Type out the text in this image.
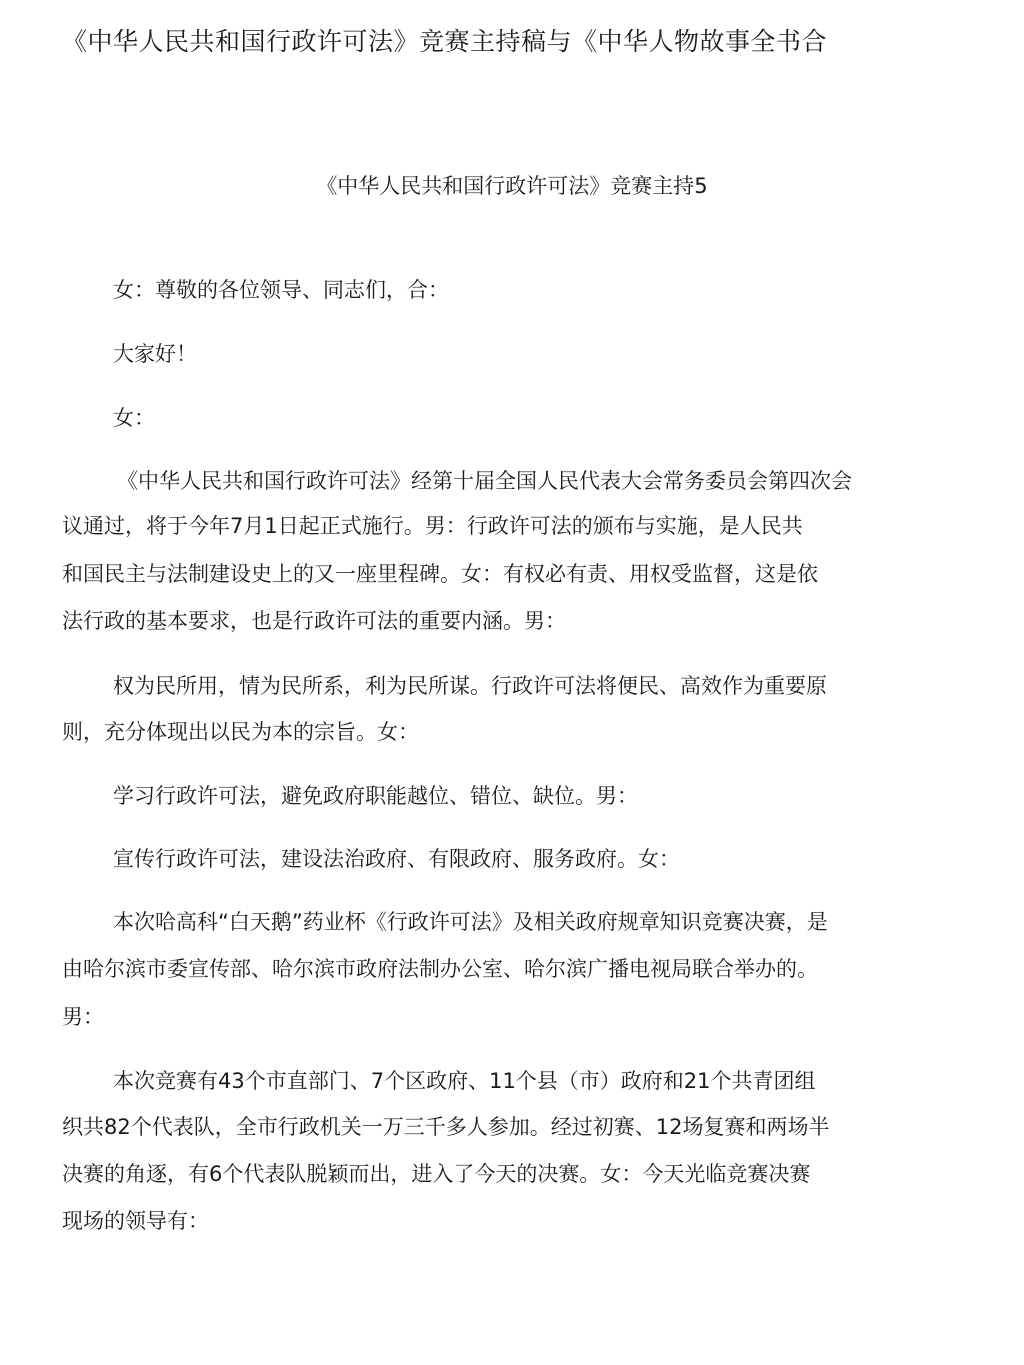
《中华人民共和国行政许可法》竞赛主持稿与《中华人物故事全书合
《中华人民共和国行政许可法》竞赛主持5

女：尊敬的各位领导、同志们，合：

大家好！

女：

《中华人民共和国行政许可法》经第十届全国人民代表大会常务委员会第四次会

议通过，将于今年7月1日起正式施行。男：行政许可法的颁布与实施，是人民共

和国民主与法制建设史上的又一座里程碑。女：有权必有责、用权受监督，这是依

法行政的基本要求，也是行政许可法的重要内涵。男：

权为民所用，情为民所系，利为民所谋。行政许可法将便民、高效作为重要原

则，充分体现出以民为本的宗旨。女：

学习行政许可法，避免政府职能越位、错位、缺位。男：

宣传行政许可法，建设法治政府、有限政府、服务政府。女：

本次哈高科“白天鹅”药业杯《行政许可法》及相关政府规章知识竞赛决赛，是

由哈尔滨市委宣传部、哈尔滨市政府法制办公室、哈尔滨广播电视局联合举办的。

男：

本次竞赛有43个市直部门、7个区政府、11个县（市）政府和21个共青团组

织共82个代表队，全市行政机关一万三千多人参加。经过初赛、12场复赛和两场半

决赛的角逐，有6个代表队脱颖而出，进入了今天的决赛。女：今天光临竞赛决赛

现场的领导有：
